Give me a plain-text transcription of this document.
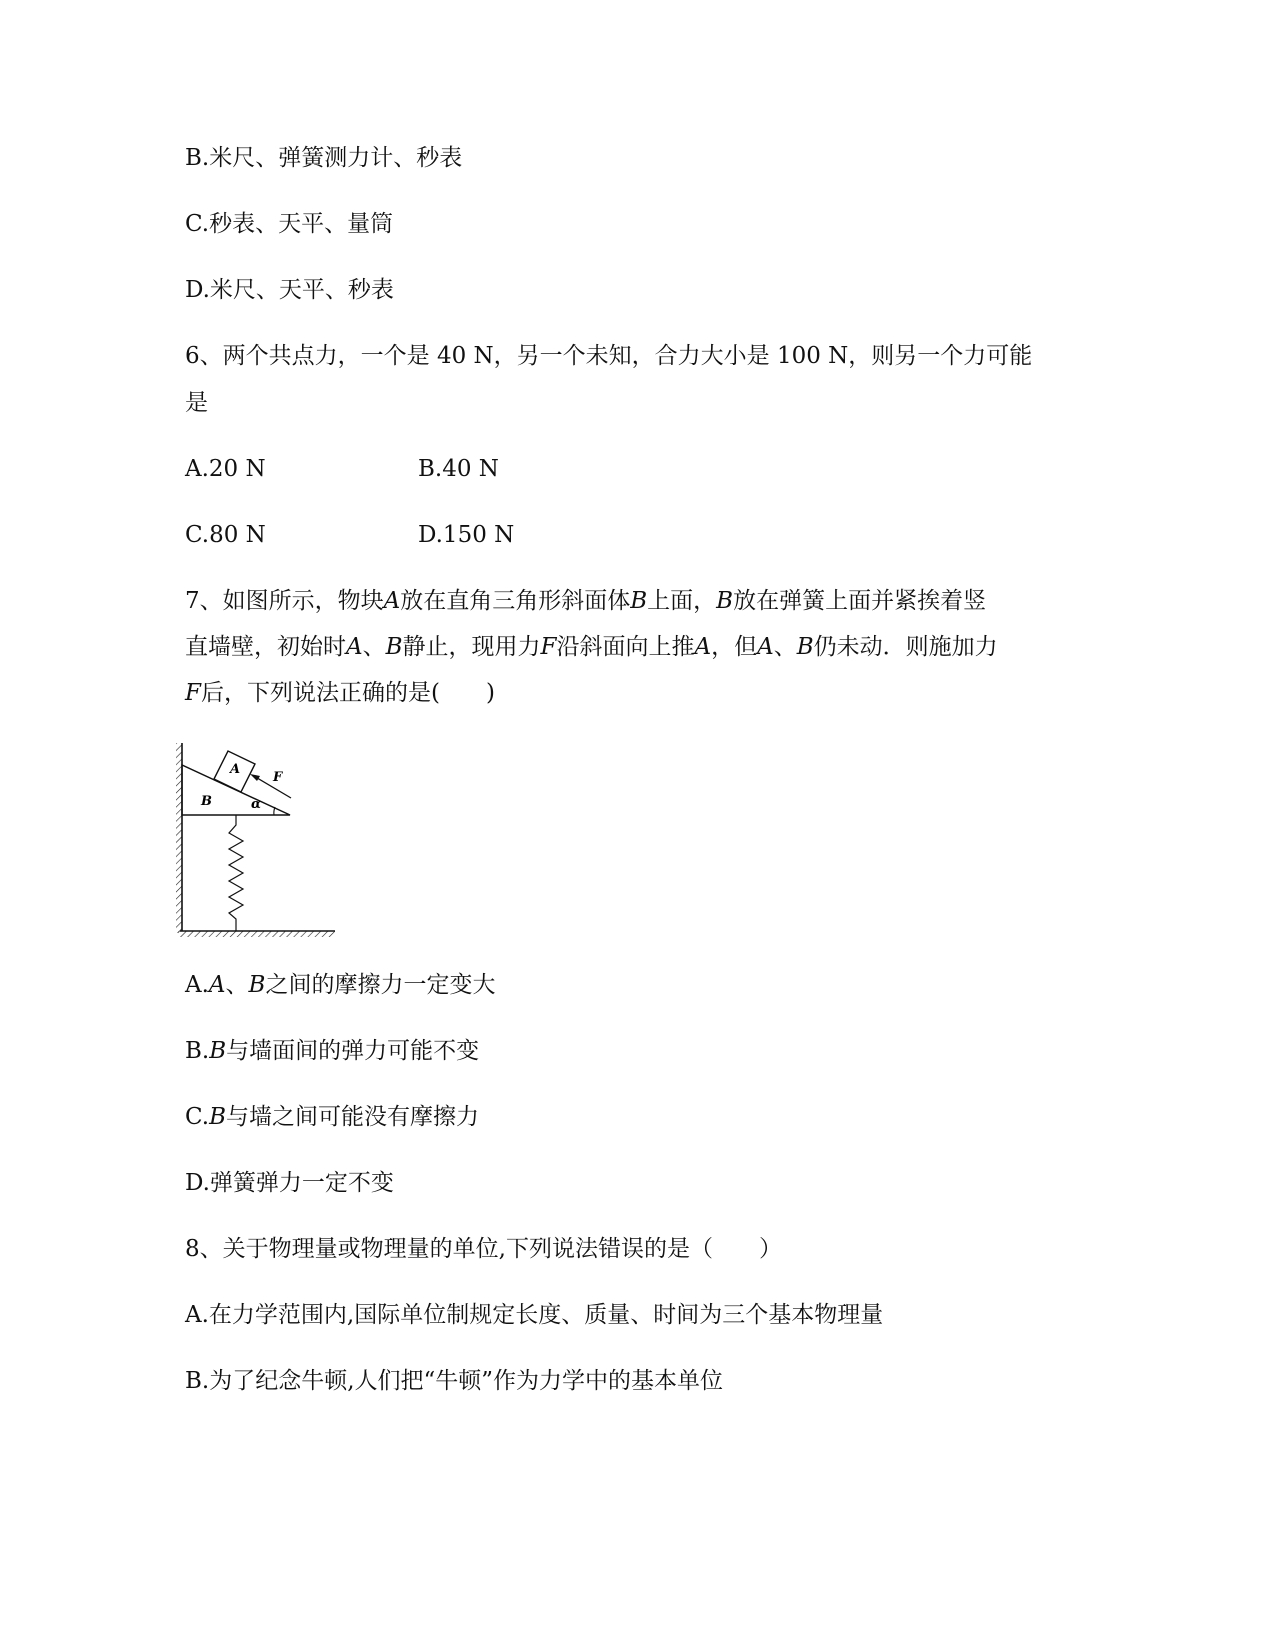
B.米尺、弹簧测力计、秒表
C.秒表、天平、量筒
D.米尺、天平、秒表
6、两个共点力，一个是 40 N，另一个未知，合力大小是 100 N，则另一个力可能
是
A.20 N	B.40 N
C.80 N	D.150 N
7、如图所示，物块A放在直角三角形斜面体B上面，B放在弹簧上面并紧挨着竖
直墙壁，初始时A、B静止，现用力F沿斜面向上推A，但A、B仍未动．则施加力
F后，下列说法正确的是(　　)
A
B
F
α
A.A、B之间的摩擦力一定变大
B.B与墙面间的弹力可能不变
C.B与墙之间可能没有摩擦力
D.弹簧弹力一定不变
8、关于物理量或物理量的单位,下列说法错误的是（　　）
A.在力学范围内,国际单位制规定长度、质量、时间为三个基本物理量
B.为了纪念牛顿,人们把“牛顿”作为力学中的基本单位
